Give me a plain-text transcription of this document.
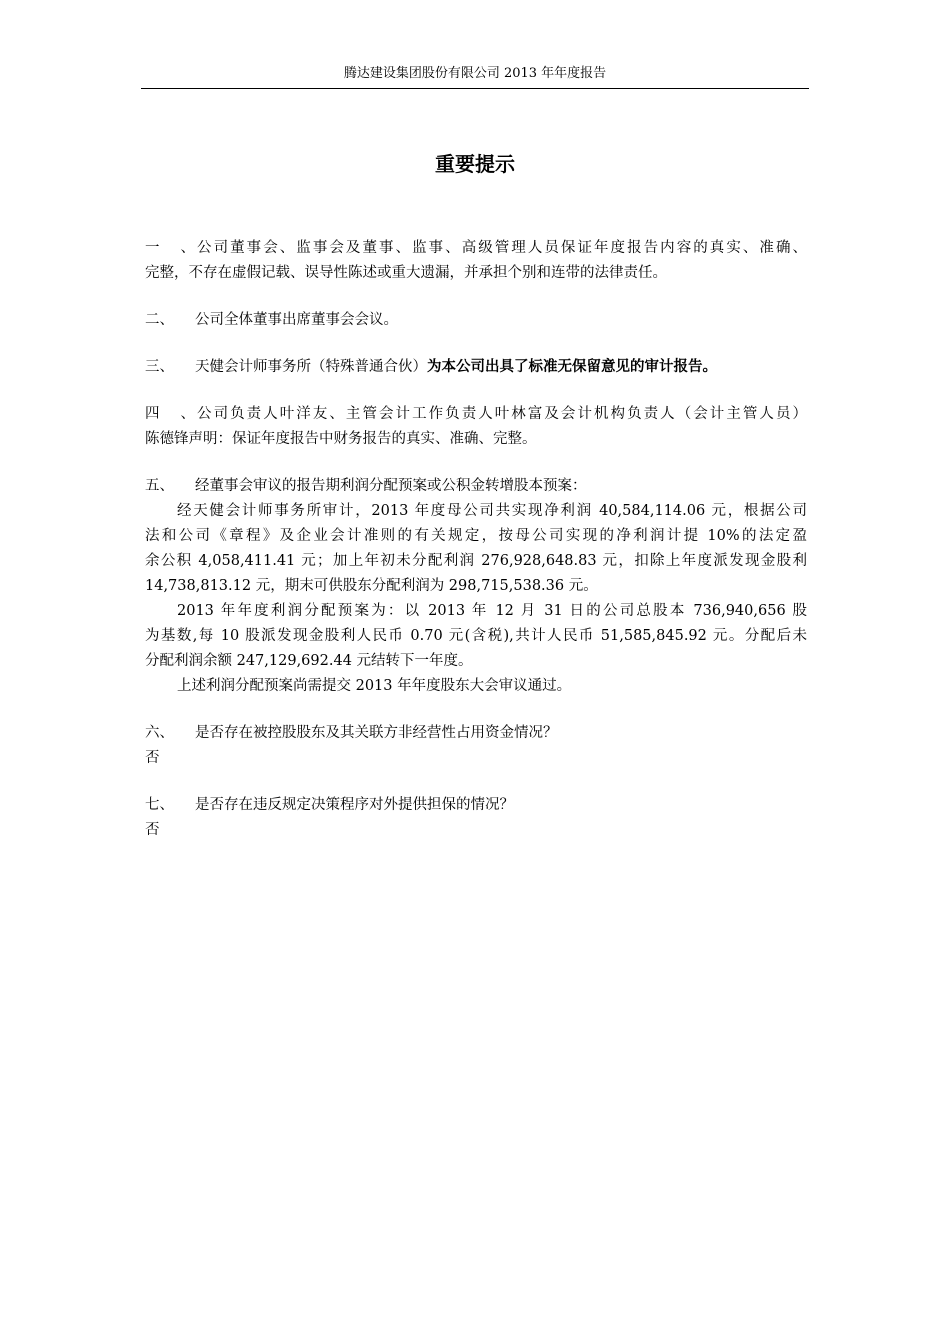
腾达建设集团股份有限公司 2013 年年度报告
重要提示
一、公司董事会、监事会及董事、监事、高级管理人员保证年度报告内容的真实、准确、
完整，不存在虚假记载、误导性陈述或重大遗漏，并承担个别和连带的法律责任。
二、 公司全体董事出席董事会会议。
三、 天健会计师事务所（特殊普通合伙）为本公司出具了标准无保留意见的审计报告。
四、公司负责人叶洋友、主管会计工作负责人叶林富及会计机构负责人（会计主管人员）
陈德锋声明：保证年度报告中财务报告的真实、准确、完整。
五、 经董事会审议的报告期利润分配预案或公积金转增股本预案：
经天健会计师事务所审计，2013 年度母公司共实现净利润 40,584,114.06 元，根据公司
法和公司《章程》及企业会计准则的有关规定，按母公司实现的净利润计提 10%的法定盈
余公积 4,058,411.41 元；加上年初未分配利润 276,928,648.83 元，扣除上年度派发现金股利
14,738,813.12 元，期末可供股东分配利润为 298,715,538.36 元。
2013 年年度利润分配预案为：以 2013 年 12 月 31 日的公司总股本 736,940,656 股
为基数,每 10 股派发现金股利人民币 0.70 元(含税),共计人民币 51,585,845.92 元。分配后未
分配利润余额 247,129,692.44 元结转下一年度。
上述利润分配预案尚需提交 2013 年年度股东大会审议通过。
六、 是否存在被控股股东及其关联方非经营性占用资金情况？
否
七、 是否存在违反规定决策程序对外提供担保的情况？
否
